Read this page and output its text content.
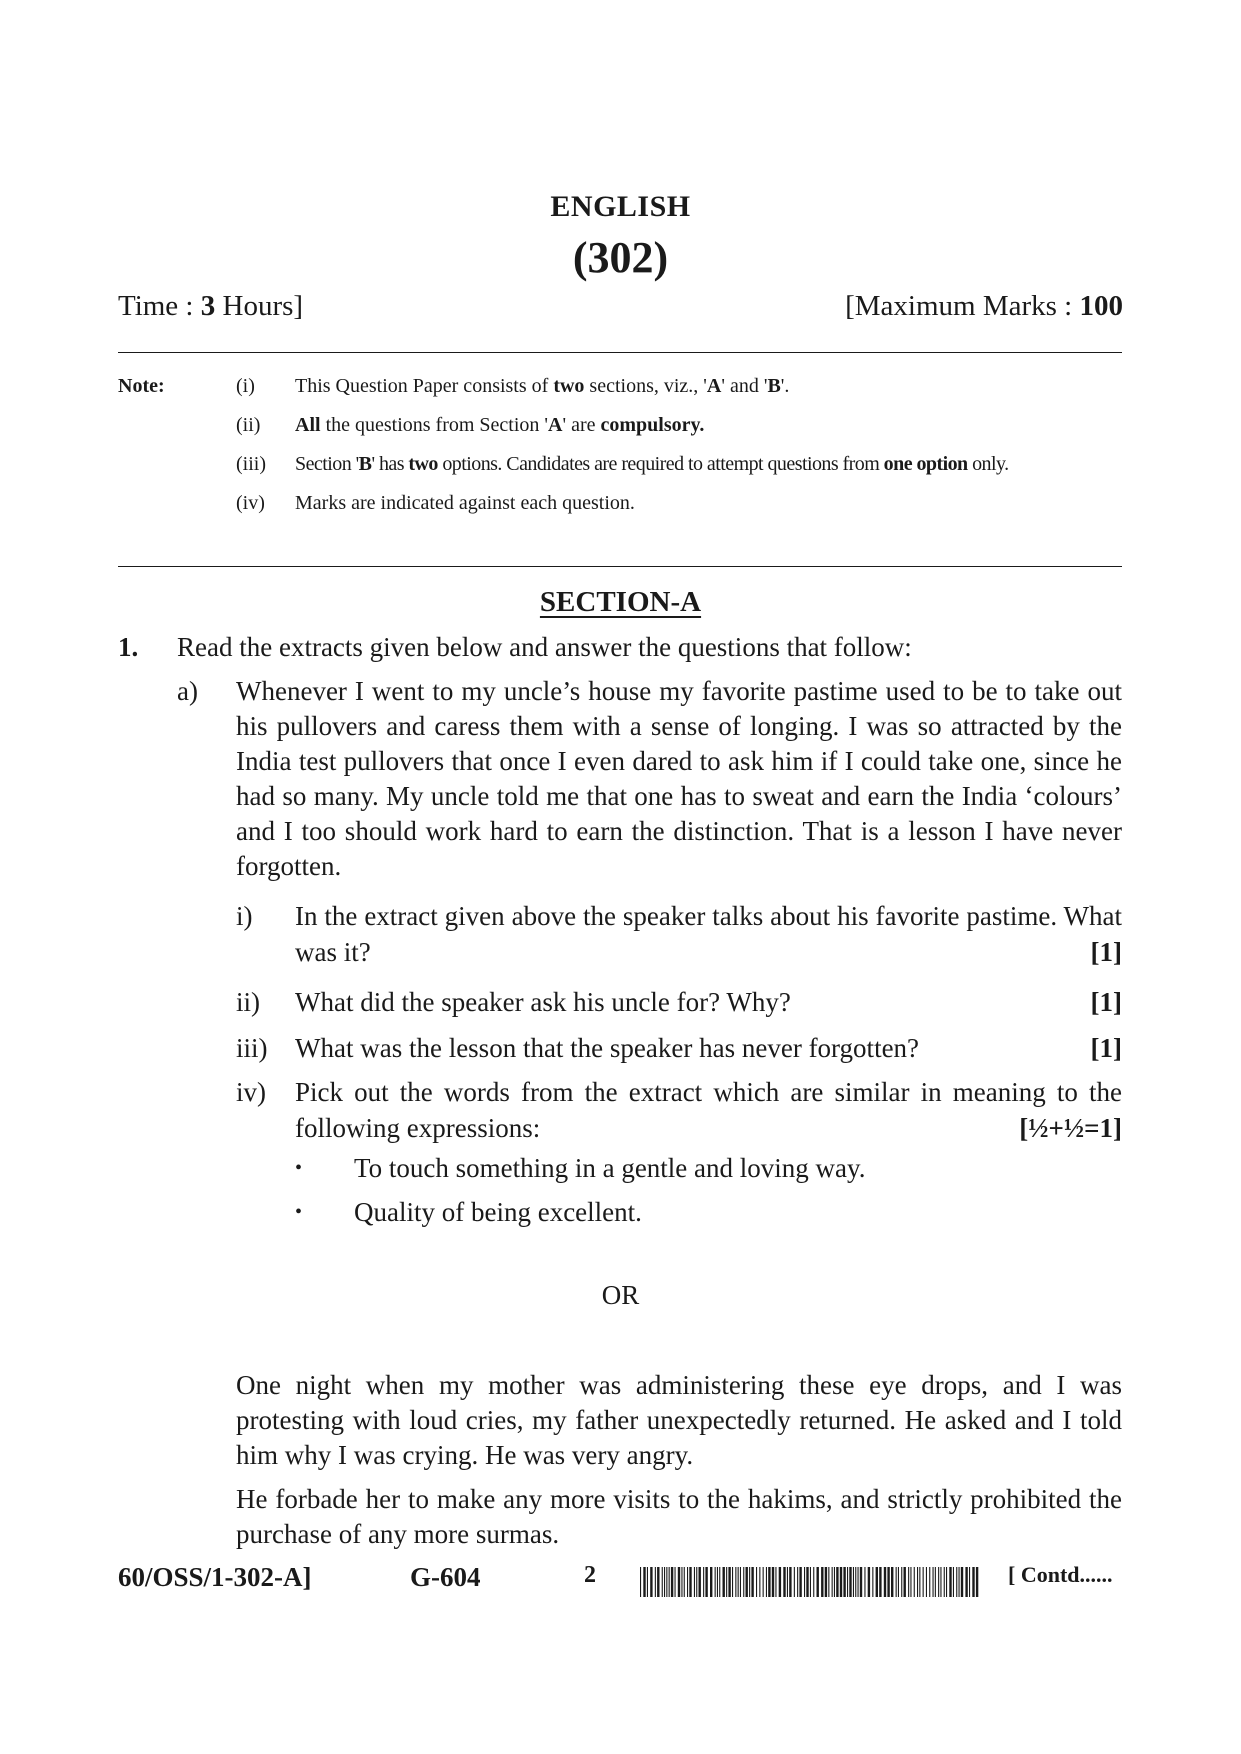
ENGLISH
(302)
Time : 3 Hours]	[Maximum Marks : 100
Note:	(i)	This Question Paper consists of two sections, viz., 'A' and 'B'.
(ii)	All the questions from Section 'A' are compulsory.
(iii)	Section 'B' has two options. Candidates are required to attempt questions from one option only.
(iv)	Marks are indicated against each question.
SECTION-A
1. Read the extracts given below and answer the questions that follow:
a) Whenever I went to my uncle’s house my favorite pastime used to be to take out his pullovers and caress them with a sense of longing. I was so attracted by the India test pullovers that once I even dared to ask him if I could take one, since he had so many. My uncle told me that one has to sweat and earn the India ‘colours’ and I too should work hard to earn the distinction. That is a lesson I have never forgotten.
i) In the extract given above the speaker talks about his favorite pastime. What was it?	[1]
ii) What did the speaker ask his uncle for? Why?	[1]
iii) What was the lesson that the speaker has never forgotten?	[1]
iv) Pick out the words from the extract which are similar in meaning to the following expressions:	[½+½=1]
• To touch something in a gentle and loving way.
• Quality of being excellent.
OR
One night when my mother was administering these eye drops, and I was protesting with loud cries, my father unexpectedly returned. He asked and I told him why I was crying. He was very angry.
He forbade her to make any more visits to the hakims, and strictly prohibited the purchase of any more surmas.
60/OSS/1-302-A]	G-604	2	[ Contd......
